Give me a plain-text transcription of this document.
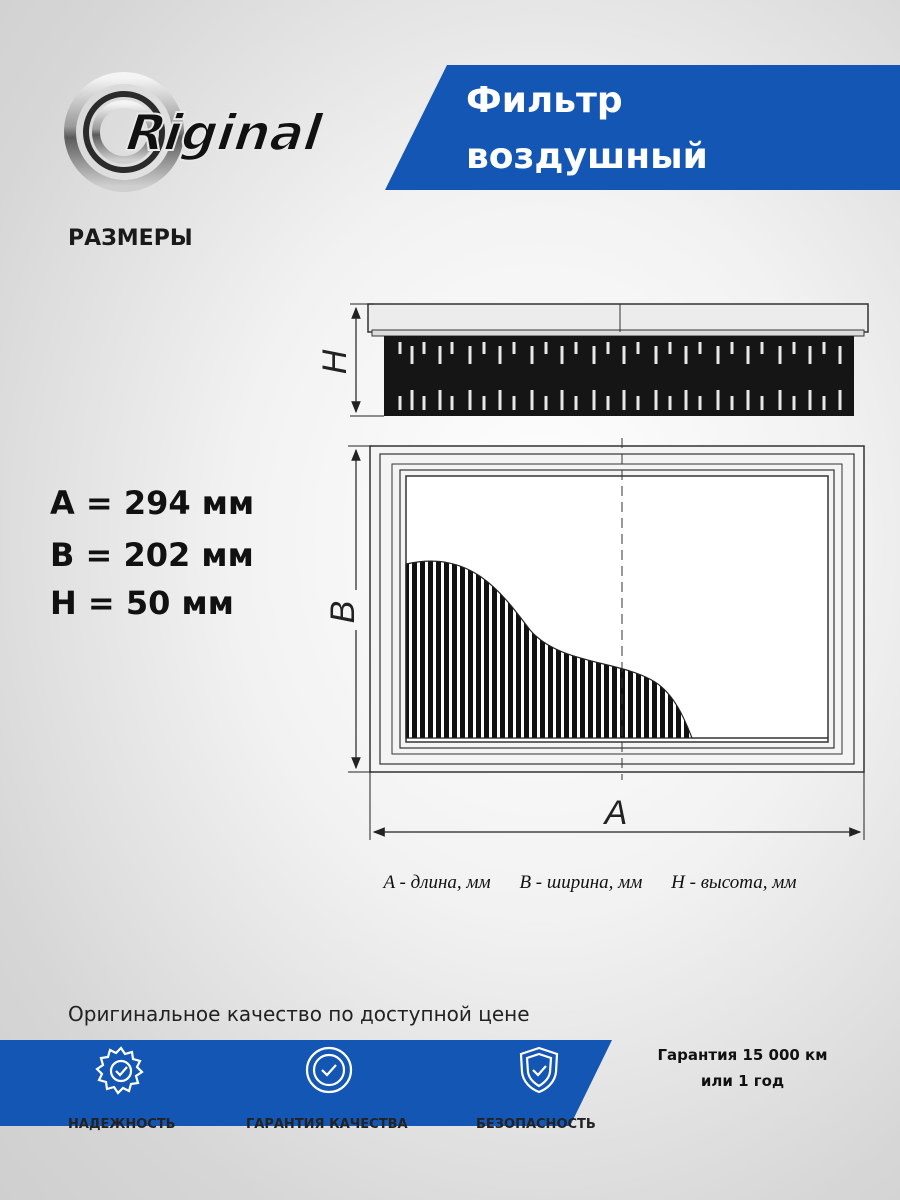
Riginal
Фильтр
воздушный
РАЗМЕРЫ
A = 294 мм
B = 202 мм
H = 50 мм
H
B
A
A - длина, мм B - ширина, мм H - высота, мм
Оригинальное качество по доступной цене
НАДЕЖНОСТЬ	ГАРАНТИЯ КАЧЕСТВА	БЕЗОПАСНОСТЬ
Гарантия 15 000 км
или 1 год
